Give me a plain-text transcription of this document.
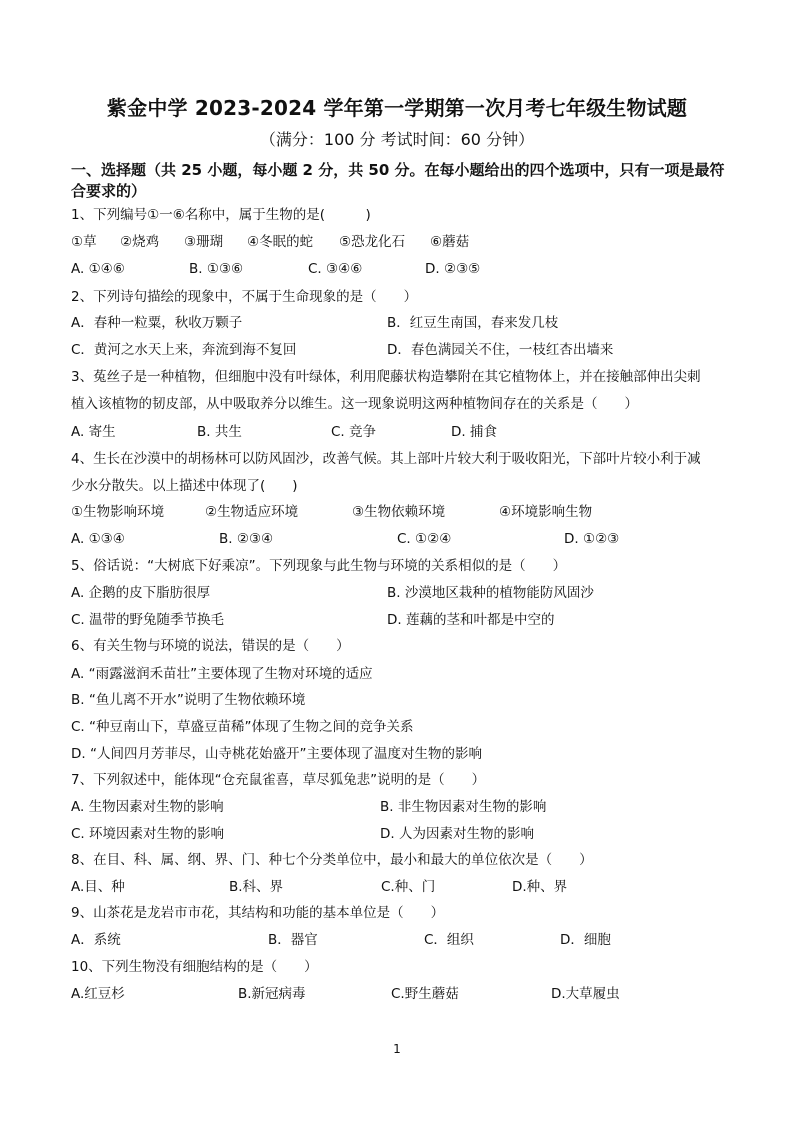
紫金中学 2023-2024 学年第一学期第一次月考七年级生物试题
（满分：100 分 考试时间：60 分钟）
一、选择题（共 25 小题，每小题 2 分，共 50 分。在每小题给出的四个选项中，只有一项是最符合要求的）
1、下列编号①一⑥名称中，属于生物的是(　　　)
①草 ②烧鸡 ③珊瑚 ④冬眠的蛇 ⑤恐龙化石 ⑥蘑菇
A. ①④⑥	B. ①③⑥	C. ③④⑥	D. ②③⑤
2、下列诗句描绘的现象中，不属于生命现象的是（　　）
A．春种一粒粟，秋收万颗子	B．红豆生南国，春来发几枝
C．黄河之水天上来，奔流到海不复回	D．春色满园关不住，一枝红杏出墙来
3、菟丝子是一种植物，但细胞中没有叶绿体，利用爬藤状构造攀附在其它植物体上，并在接触部伸出尖刺
植入该植物的韧皮部，从中吸取养分以维生。这一现象说明这两种植物间存在的关系是（　　）
A. 寄生	B. 共生	C. 竞争	D. 捕食
4、生长在沙漠中的胡杨林可以防风固沙，改善气候。其上部叶片较大利于吸收阳光，下部叶片较小利于减
少水分散失。以上描述中体现了(　　)
①生物影响环境	②生物适应环境	③生物依赖环境	④环境影响生物
A. ①③④	B. ②③④	C. ①②④	D. ①②③
5、俗话说：“大树底下好乘凉”。下列现象与此生物与环境的关系相似的是（　　）
A. 企鹅的皮下脂肪很厚	B. 沙漠地区栽种的植物能防风固沙
C. 温带的野兔随季节换毛	D. 莲藕的茎和叶都是中空的
6、有关生物与环境的说法，错误的是（　　）
A. “雨露滋润禾苗壮”主要体现了生物对环境的适应
B. “鱼儿离不开水”说明了生物依赖环境
C. “种豆南山下，草盛豆苗稀”体现了生物之间的竞争关系
D. “人间四月芳菲尽，山寺桃花始盛开”主要体现了温度对生物的影响
7、下列叙述中，能体现“仓充鼠雀喜，草尽狐兔悲”说明的是（　　）
A. 生物因素对生物的影响	B. 非生物因素对生物的影响
C. 环境因素对生物的影响	D. 人为因素对生物的影响
8、在目、科、属、纲、界、门、种七个分类单位中，最小和最大的单位依次是（　　）
A.目、种	B.科、界	C.种、门	D.种、界
9、山茶花是龙岩市市花，其结构和功能的基本单位是（　　）
A．系统	B．器官	C．组织	D．细胞
10、下列生物没有细胞结构的是（　　）
A.红豆杉	B.新冠病毒	C.野生蘑菇	D.大草履虫
1
